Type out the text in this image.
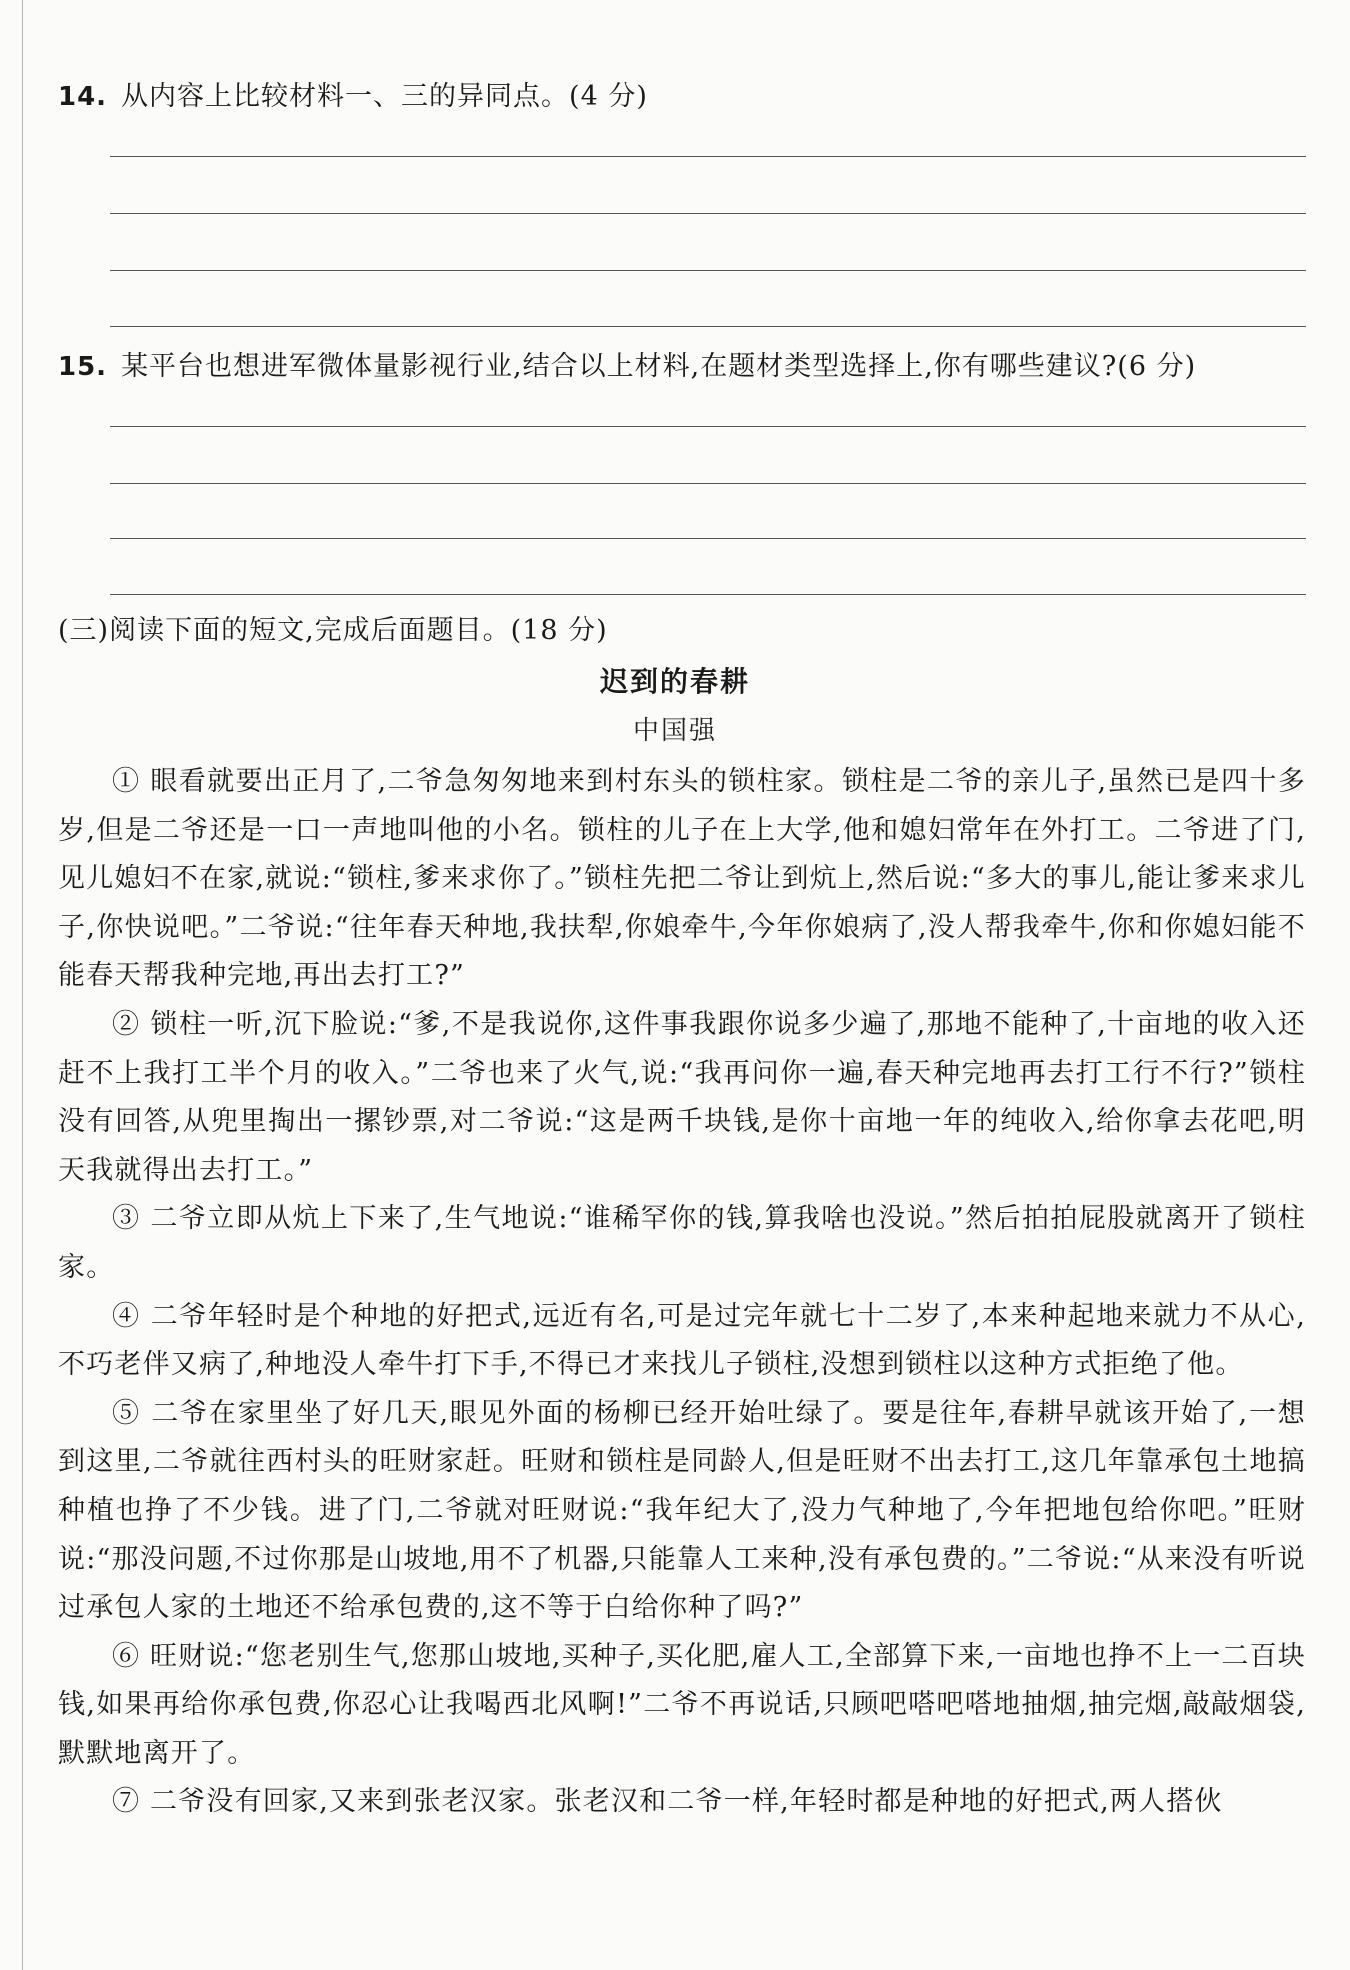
14. 从内容上比较材料一、三的异同点。(4 分)
15. 某平台也想进军微体量影视行业,结合以上材料,在题材类型选择上,你有哪些建议?(6 分)
(三)阅读下面的短文,完成后面题目。(18 分)
迟到的春耕
中国强

① 眼看就要出正月了,二爷急匆匆地来到村东头的锁柱家。锁柱是二爷的亲儿子,虽然已是四十多岁,但是二爷还是一口一声地叫他的小名。锁柱的儿子在上大学,他和媳妇常年在外打工。二爷进了门,见儿媳妇不在家,就说:“锁柱,爹来求你了。”锁柱先把二爷让到炕上,然后说:“多大的事儿,能让爹来求儿子,你快说吧。”二爷说:“往年春天种地,我扶犁,你娘牵牛,今年你娘病了,没人帮我牵牛,你和你媳妇能不能春天帮我种完地,再出去打工?”

② 锁柱一听,沉下脸说:“爹,不是我说你,这件事我跟你说多少遍了,那地不能种了,十亩地的收入还赶不上我打工半个月的收入。”二爷也来了火气,说:“我再问你一遍,春天种完地再去打工行不行?”锁柱没有回答,从兜里掏出一摞钞票,对二爷说:“这是两千块钱,是你十亩地一年的纯收入,给你拿去花吧,明天我就得出去打工。”

③ 二爷立即从炕上下来了,生气地说:“谁稀罕你的钱,算我啥也没说。”然后拍拍屁股就离开了锁柱家。

④ 二爷年轻时是个种地的好把式,远近有名,可是过完年就七十二岁了,本来种起地来就力不从心,不巧老伴又病了,种地没人牵牛打下手,不得已才来找儿子锁柱,没想到锁柱以这种方式拒绝了他。

⑤ 二爷在家里坐了好几天,眼见外面的杨柳已经开始吐绿了。要是往年,春耕早就该开始了,一想到这里,二爷就往西村头的旺财家赶。旺财和锁柱是同龄人,但是旺财不出去打工,这几年靠承包土地搞种植也挣了不少钱。进了门,二爷就对旺财说:“我年纪大了,没力气种地了,今年把地包给你吧。”旺财说:“那没问题,不过你那是山坡地,用不了机器,只能靠人工来种,没有承包费的。”二爷说:“从来没有听说过承包人家的土地还不给承包费的,这不等于白给你种了吗?”

⑥ 旺财说:“您老别生气,您那山坡地,买种子,买化肥,雇人工,全部算下来,一亩地也挣不上一二百块钱,如果再给你承包费,你忍心让我喝西北风啊!”二爷不再说话,只顾吧嗒吧嗒地抽烟,抽完烟,敲敲烟袋,默默地离开了。

⑦ 二爷没有回家,又来到张老汉家。张老汉和二爷一样,年轻时都是种地的好把式,两人搭伙
